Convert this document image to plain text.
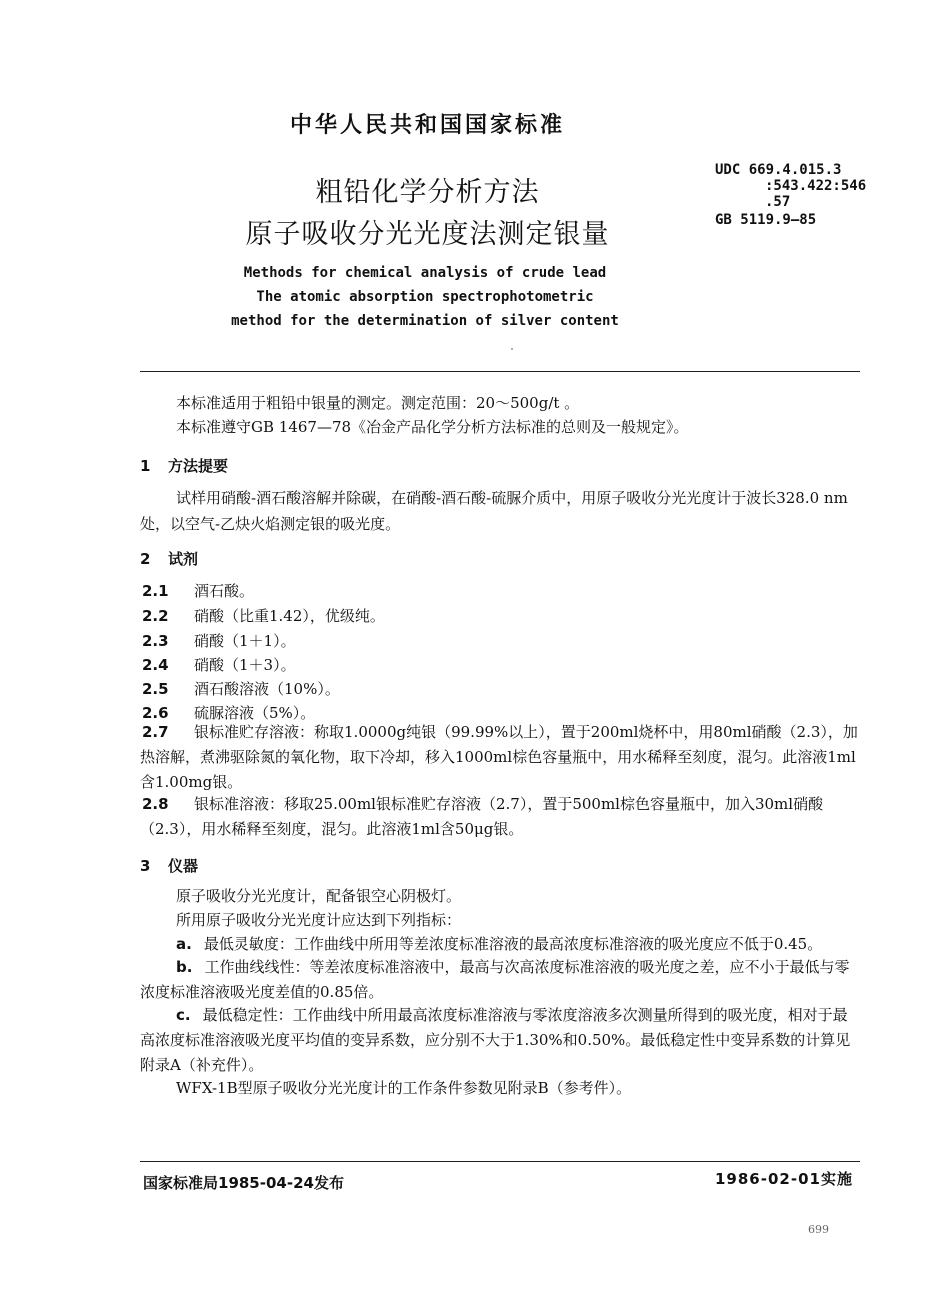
中华人民共和国国家标准
粗铅化学分析方法
原子吸收分光光度法测定银量
UDC 669.4.015.3
:543.422:546
.57
GB 5119.9—85
Methods for chemical analysis of crude lead
The atomic absorption spectrophotometric
method for the determination of silver content
本标准适用于粗铅中银量的测定。测定范围：20～500g/t 。
本标准遵守GB 1467—78《冶金产品化学分析方法标准的总则及一般规定》。
1 方法提要
试样用硝酸-酒石酸溶解并除碳，在硝酸-酒石酸-硫脲介质中，用原子吸收分光光度计于波长328.0 nm处，以空气-乙炔火焰测定银的吸光度。
2 试剂
2.1 酒石酸。
2.2 硝酸（比重1.42），优级纯。
2.3 硝酸（1＋1）。
2.4 硝酸（1＋3）。
2.5 酒石酸溶液（10%）。
2.6 硫脲溶液（5%）。
2.7 银标准贮存溶液：称取1.0000g纯银（99.99%以上），置于200ml烧杯中，用80ml硝酸（2.3），加热溶解，煮沸驱除氮的氧化物，取下冷却，移入1000ml棕色容量瓶中，用水稀释至刻度，混匀。此溶液1ml含1.00mg银。
2.8 银标准溶液：移取25.00ml银标准贮存溶液（2.7），置于500ml棕色容量瓶中，加入30ml硝酸（2.3），用水稀释至刻度，混匀。此溶液1ml含50μg银。
3 仪器
原子吸收分光光度计，配备银空心阴极灯。
所用原子吸收分光光度计应达到下列指标：
a. 最低灵敏度：工作曲线中所用等差浓度标准溶液的最高浓度标准溶液的吸光度应不低于0.45。
b. 工作曲线线性：等差浓度标准溶液中，最高与次高浓度标准溶液的吸光度之差，应不小于最低与零浓度标准溶液吸光度差值的0.85倍。
c. 最低稳定性：工作曲线中所用最高浓度标准溶液与零浓度溶液多次测量所得到的吸光度，相对于最高浓度标准溶液吸光度平均值的变异系数，应分别不大于1.30%和0.50%。最低稳定性中变异系数的计算见附录A（补充件）。
WFX-1B型原子吸收分光光度计的工作条件参数见附录B（参考件）。
国家标准局1985-04-24发布	1986-02-01实施
699
